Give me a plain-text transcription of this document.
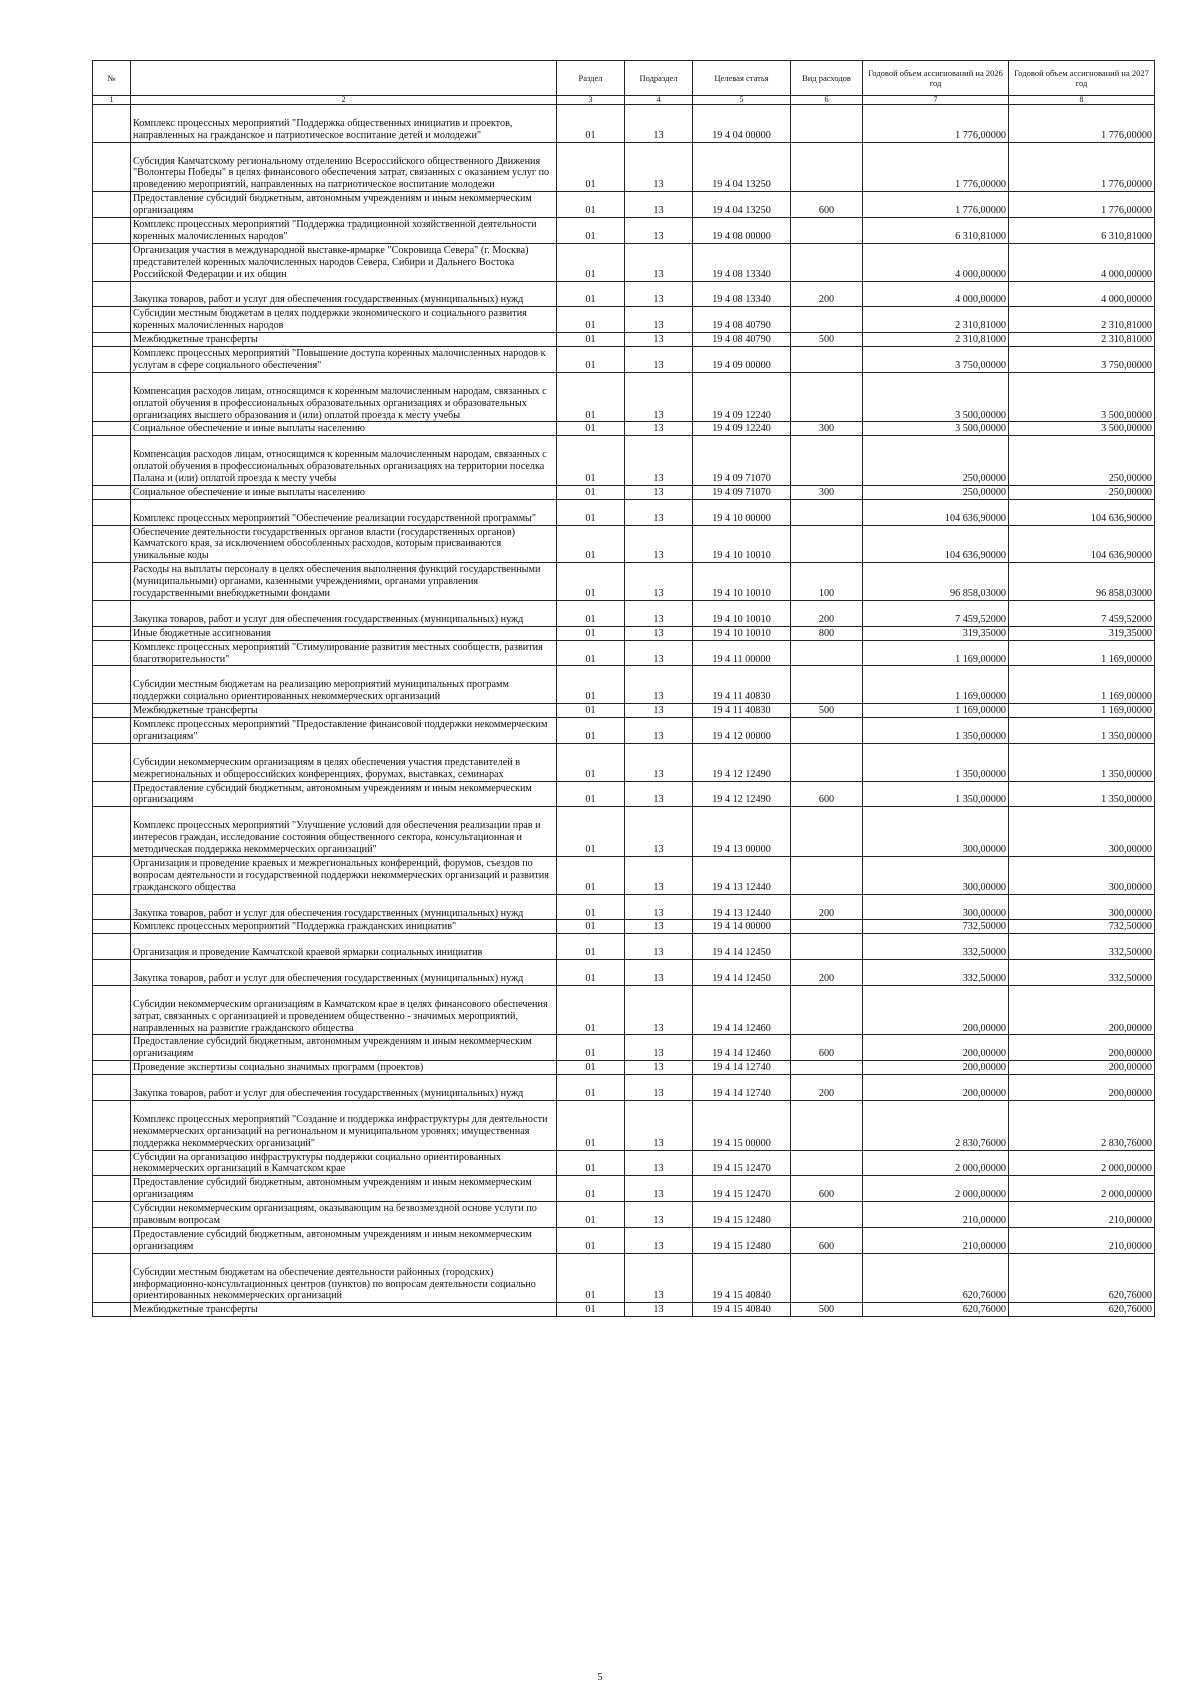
№		Раздел	Подраздел	Целевая статья	Вид расходов	Годовой объем ассигнований на 2026 год	Годовой объем ассигнований на 2027 год
1	2	3	4	5	6	7	8
	Комплекс процессных мероприятий "Поддержка общественных инициатив и проектов, направленных на гражданское и патриотическое воспитание детей и молодежи"	01	13	19 4 04 00000		1 776,00000	1 776,00000
	Субсидия Камчатскому региональному отделению Всероссийского общественного Движения "Волонтеры Победы" в целях финансового обеспечения затрат, связанных с оказанием услуг по проведению мероприятий, направленных на патриотическое воспитание молодежи	01	13	19 4 04 13250		1 776,00000	1 776,00000
	Предоставление субсидий бюджетным, автономным учреждениям и иным некоммерческим организациям	01	13	19 4 04 13250	600	1 776,00000	1 776,00000
	Комплекс процессных мероприятий "Поддержка традиционной хозяйственной деятельности коренных малочисленных народов"	01	13	19 4 08 00000		6 310,81000	6 310,81000
	Организация участия в международной выставке-ярмарке "Сокровища Севера" (г. Москва) представителей коренных малочисленных народов Севера, Сибири и Дальнего Востока Российской Федерации и их общин	01	13	19 4 08 13340		4 000,00000	4 000,00000
	Закупка товаров, работ и услуг для обеспечения государственных (муниципальных) нужд	01	13	19 4 08 13340	200	4 000,00000	4 000,00000
	Субсидии местным бюджетам в целях поддержки экономического и социального развития коренных малочисленных народов	01	13	19 4 08 40790		2 310,81000	2 310,81000
	Межбюджетные трансферты	01	13	19 4 08 40790	500	2 310,81000	2 310,81000
	Комплекс процессных мероприятий "Повышение доступа коренных малочисленных народов к услугам в сфере социального обеспечения"	01	13	19 4 09 00000		3 750,00000	3 750,00000
	Компенсация расходов лицам, относящимся к коренным малочисленным народам, связанных с оплатой обучения в профессиональных образовательных организациях и образовательных организациях высшего образования и (или) оплатой проезда к месту учебы	01	13	19 4 09 12240		3 500,00000	3 500,00000
	Социальное обеспечение и иные выплаты населению	01	13	19 4 09 12240	300	3 500,00000	3 500,00000
	Компенсация расходов лицам, относящимся к коренным малочисленным народам, связанных с оплатой обучения в профессиональных образовательных организациях на территории поселка Палана и (или) оплатой проезда к месту учебы	01	13	19 4 09 71070		250,00000	250,00000
	Социальное обеспечение и иные выплаты населению	01	13	19 4 09 71070	300	250,00000	250,00000
	Комплекс процессных мероприятий "Обеспечение реализации государственной программы"	01	13	19 4 10 00000		104 636,90000	104 636,90000
	Обеспечение деятельности государственных органов власти (государственных органов) Камчатского края, за исключением обособленных расходов, которым присваиваются уникальные коды	01	13	19 4 10 10010		104 636,90000	104 636,90000
	Расходы на выплаты персоналу в целях обеспечения выполнения функций государственными (муниципальными) органами, казенными учреждениями, органами управления государственными внебюджетными фондами	01	13	19 4 10 10010	100	96 858,03000	96 858,03000
	Закупка товаров, работ и услуг для обеспечения государственных (муниципальных) нужд	01	13	19 4 10 10010	200	7 459,52000	7 459,52000
	Иные бюджетные ассигнования	01	13	19 4 10 10010	800	319,35000	319,35000
	Комплекс процессных мероприятий "Стимулирование развития местных сообществ, развития благотворительности"	01	13	19 4 11 00000		1 169,00000	1 169,00000
	Субсидии местным бюджетам на реализацию мероприятий муниципальных программ поддержки социально ориентированных некоммерческих организаций	01	13	19 4 11 40830		1 169,00000	1 169,00000
	Межбюджетные трансферты	01	13	19 4 11 40830	500	1 169,00000	1 169,00000
	Комплекс процессных мероприятий "Предоставление финансовой поддержки некоммерческим организациям"	01	13	19 4 12 00000		1 350,00000	1 350,00000
	Субсидии некоммерческим организациям в целях обеспечения участия представителей в межрегиональных и общероссийских конференциях, форумах, выставках, семинарах	01	13	19 4 12 12490		1 350,00000	1 350,00000
	Предоставление субсидий бюджетным, автономным учреждениям и иным некоммерческим организациям	01	13	19 4 12 12490	600	1 350,00000	1 350,00000
	Комплекс процессных мероприятий "Улучшение условий для обеспечения реализации прав и интересов граждан, исследование состояния общественного сектора, консультационная и методическая поддержка некоммерческих организаций"	01	13	19 4 13 00000		300,00000	300,00000
	Организация и проведение краевых и межрегиональных конференций, форумов, съездов по вопросам деятельности и государственной поддержки некоммерческих организаций и развития гражданского общества	01	13	19 4 13 12440		300,00000	300,00000
	Закупка товаров, работ и услуг для обеспечения государственных (муниципальных) нужд	01	13	19 4 13 12440	200	300,00000	300,00000
	Комплекс процессных мероприятий "Поддержка гражданских инициатив"	01	13	19 4 14 00000		732,50000	732,50000
	Организация и проведение Камчатской краевой ярмарки социальных инициатив	01	13	19 4 14 12450		332,50000	332,50000
	Закупка товаров, работ и услуг для обеспечения государственных (муниципальных) нужд	01	13	19 4 14 12450	200	332,50000	332,50000
	Субсидии некоммерческим организациям в Камчатском крае в целях финансового обеспечения затрат, связанных с организацией и проведением общественно - значимых мероприятий, направленных на развитие гражданского общества	01	13	19 4 14 12460		200,00000	200,00000
	Предоставление субсидий бюджетным, автономным учреждениям и иным некоммерческим организациям	01	13	19 4 14 12460	600	200,00000	200,00000
	Проведение экспертизы социально значимых программ (проектов)	01	13	19 4 14 12740		200,00000	200,00000
	Закупка товаров, работ и услуг для обеспечения государственных (муниципальных) нужд	01	13	19 4 14 12740	200	200,00000	200,00000
	Комплекс процессных мероприятий "Создание и поддержка инфраструктуры для деятельности некоммерческих организаций на региональном и муниципальном уровнях; имущественная поддержка некоммерческих организаций"	01	13	19 4 15 00000		2 830,76000	2 830,76000
	Субсидии на организацию инфраструктуры поддержки социально ориентированных некоммерческих организаций в Камчатском крае	01	13	19 4 15 12470		2 000,00000	2 000,00000
	Предоставление субсидий бюджетным, автономным учреждениям и иным некоммерческим организациям	01	13	19 4 15 12470	600	2 000,00000	2 000,00000
	Субсидии некоммерческим организациям, оказывающим на безвозмездной основе услуги по правовым вопросам	01	13	19 4 15 12480		210,00000	210,00000
	Предоставление субсидий бюджетным, автономным учреждениям и иным некоммерческим организациям	01	13	19 4 15 12480	600	210,00000	210,00000
	Субсидии местным бюджетам на обеспечение деятельности районных (городских) информационно-консультационных центров (пунктов) по вопросам деятельности социально ориентированных некоммерческих организаций	01	13	19 4 15 40840		620,76000	620,76000
	Межбюджетные трансферты	01	13	19 4 15 40840	500	620,76000	620,76000
5
